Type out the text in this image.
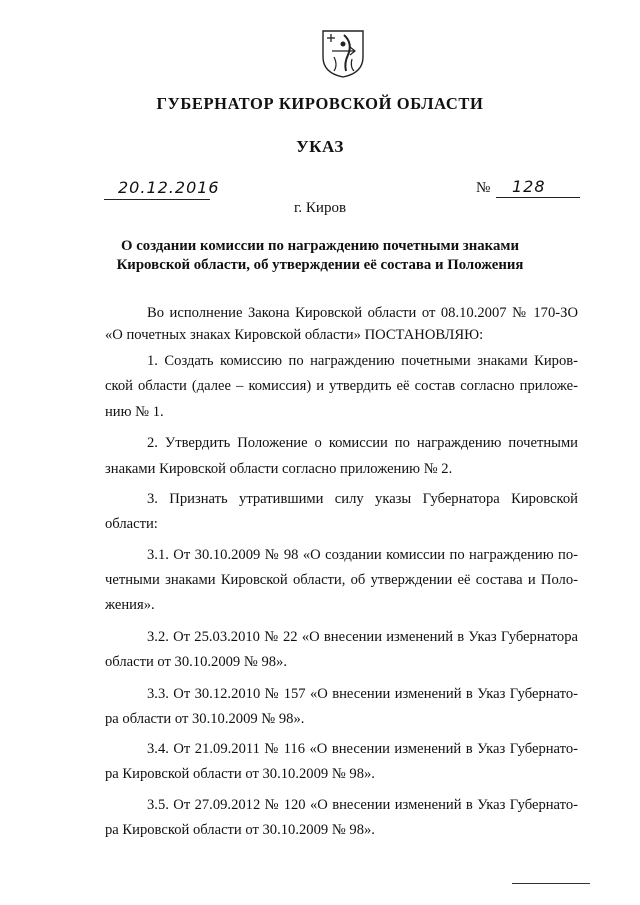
ГУБЕРНАТОР КИРОВСКОЙ ОБЛАСТИ
УКАЗ
20.12.2016	№ 128
г. Киров
О создании комиссии по награждению почетными знаками
Кировской области, об утверждении её состава и Положения
Во исполнение Закона Кировской области от 08.10.2007 № 170-ЗО
«О почетных знаках Кировской области» ПОСТАНОВЛЯЮ:
1. Создать комиссию по награждению почетными знаками Киров-
ской области (далее – комиссия) и утвердить её состав согласно приложе-
нию № 1.
2. Утвердить Положение о комиссии по награждению почетными
знаками Кировской области согласно приложению № 2.
3. Признать утратившими силу указы Губернатора Кировской
области:
3.1. От 30.10.2009 № 98 «О создании комиссии по награждению по-
четными знаками Кировской области, об утверждении её состава и Поло-
жения».
3.2. От 25.03.2010 № 22 «О внесении изменений в Указ Губернатора
области от 30.10.2009 № 98».
3.3. От 30.12.2010 № 157 «О внесении изменений в Указ Губернато-
ра области от 30.10.2009 № 98».
3.4. От 21.09.2011 № 116 «О внесении изменений в Указ Губернато-
ра Кировской области от 30.10.2009 № 98».
3.5. От 27.09.2012 № 120 «О внесении изменений в Указ Губернато-
ра Кировской области от 30.10.2009 № 98».
